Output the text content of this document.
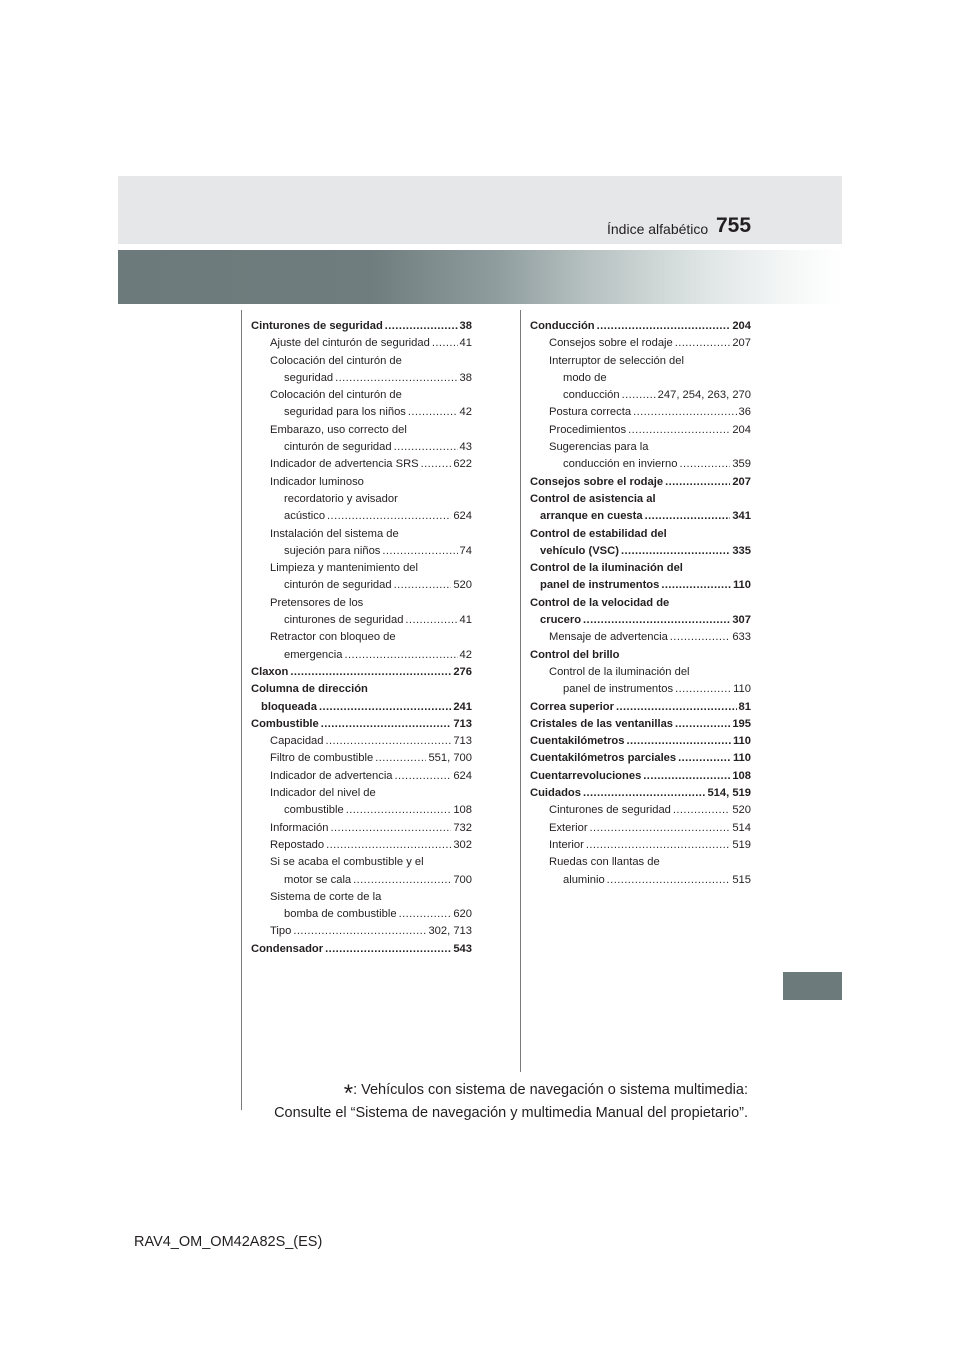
Índice alfabético 755
Cinturones de seguridad .....	38
Ajuste del cinturón de seguridad .....	41
Colocación del cinturón de
seguridad .....	38
Colocación del cinturón de
seguridad para los niños .....	42
Embarazo, uso correcto del
cinturón de seguridad .....	43
Indicador de advertencia SRS .....	622
Indicador luminoso
recordatorio y avisador
acústico .....	624
Instalación del sistema de
sujeción para niños .....	74
Limpieza y mantenimiento del
cinturón de seguridad .....	520
Pretensores de los
cinturones de seguridad .....	41
Retractor con bloqueo de
emergencia .....	42
Claxon .....	276
Columna de dirección
bloqueada .....	241
Combustible .....	713
Capacidad .....	713
Filtro de combustible .....	551, 700
Indicador de advertencia .....	624
Indicador del nivel de
combustible .....	108
Información .....	732
Repostado .....	302
Si se acaba el combustible y el
motor se cala .....	700
Sistema de corte de la
bomba de combustible .....	620
Tipo .....	302, 713
Condensador .....	543
Conducción .....	204
Consejos sobre el rodaje .....	207
Interruptor de selección del
modo de
conducción .....	247, 254, 263, 270
Postura correcta .....	36
Procedimientos .....	204
Sugerencias para la
conducción en invierno .....	359
Consejos sobre el rodaje .....	207
Control de asistencia al
arranque en cuesta .....	341
Control de estabilidad del
vehículo (VSC) .....	335
Control de la iluminación del
panel de instrumentos .....	110
Control de la velocidad de
crucero .....	307
Mensaje de advertencia .....	633
Control del brillo
Control de la iluminación del
panel de instrumentos .....	110
Correa superior .....	81
Cristales de las ventanillas .....	195
Cuentakilómetros .....	110
Cuentakilómetros parciales .....	110
Cuentarrevoluciones .....	108
Cuidados .....	514, 519
Cinturones de seguridad .....	520
Exterior .....	514
Interior .....	519
Ruedas con llantas de
aluminio .....	515
*: Vehículos con sistema de navegación o sistema multimedia:
Consulte el “Sistema de navegación y multimedia Manual del propietario”.
RAV4_OM_OM42A82S_(ES)
